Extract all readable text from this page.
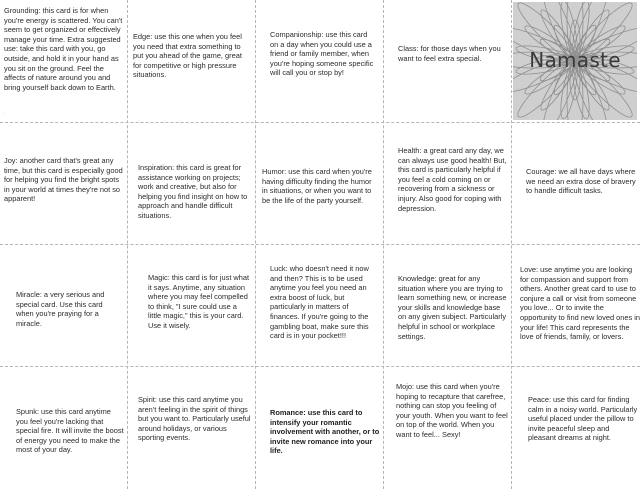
Grounding: this card is for when you're energy is scattered. You can't seem to get organized or effectively manage your time. Extra suggested use: take this card with you, go outside, and hold it in your hand as you sit on the ground. Feel the affects of nature around you and bring yourself back down to Earth.

·

Edge: use this one when you feel you need that extra something to put you ahead of the game, great for competitive or high pressure situations.

Companionship: use this card on a day when you could use a friend or family member, when you're hoping someone specific will call you or stop by!

Class: for those days when you want to feel extra special.	Namaste

Joy: another card that's great any time, but this card is especially good for helping you find the bright spots in your world at times they're not so apparent!

Inspiration: this card is great for assistance working on projects; work and creative, but also for helping you find insight on how to approach and handle difficult situations.

Humor: use this card when you're having difficulty finding the humor in situations, or when you want to be the life of the party yourself.

Health: a great card any day, we can always use good health! But, this card is particularly helpful if you feel a cold coming on or recovering from a sickness or injury. Also good for coping with depression.

Courage: we all have days where we need an extra dose of bravery to handle difficult tasks.

Miracle: a very serious and special card. Use this card when you're praying for a miracle.

Magic: this card is for just what it says. Anytime, any situation where you may feel compelled to think, "I sure could use a little magic," this is your card. Use it wisely.

Luck: who doesn't need it now and then? This is to be used anytime you feel you need an extra boost of luck, but particularly in matters of finances. If you're going to the gambling boat, make sure this card is in your pocket!!!

Knowledge: great for any situation where you are trying to learn something new, or increase your skills and knowledge base on any given subject. Particularly helpful in school or workplace settings.

Love: use anytime you are looking for compassion and support from others. Another great card to use to conjure a call or visit from someone you love... Or to invite the opportunity to find new loved ones in your life! This card represents the love of friends, family, or lovers.

Spunk: use this card anytime you feel you're lacking that special fire. It will invite the boost of energy you need to make the most of your day.

Spirit: use this card anytime you aren't feeling in the spirit of things but you want to. Particularly useful around holidays, or various sporting events.

Romance: use this card to intensify your romantic involvement with another, or to invite new romance into your life.

Mojo: use this card when you're hoping to recapture that carefree, nothing can stop you feeling of your youth. When you want to feel on top of the world. When you want to feel... Sexy!

Peace: use this card for finding calm in a noisy world. Particularly useful placed under the pillow to invite peaceful sleep and pleasant dreams at night.
